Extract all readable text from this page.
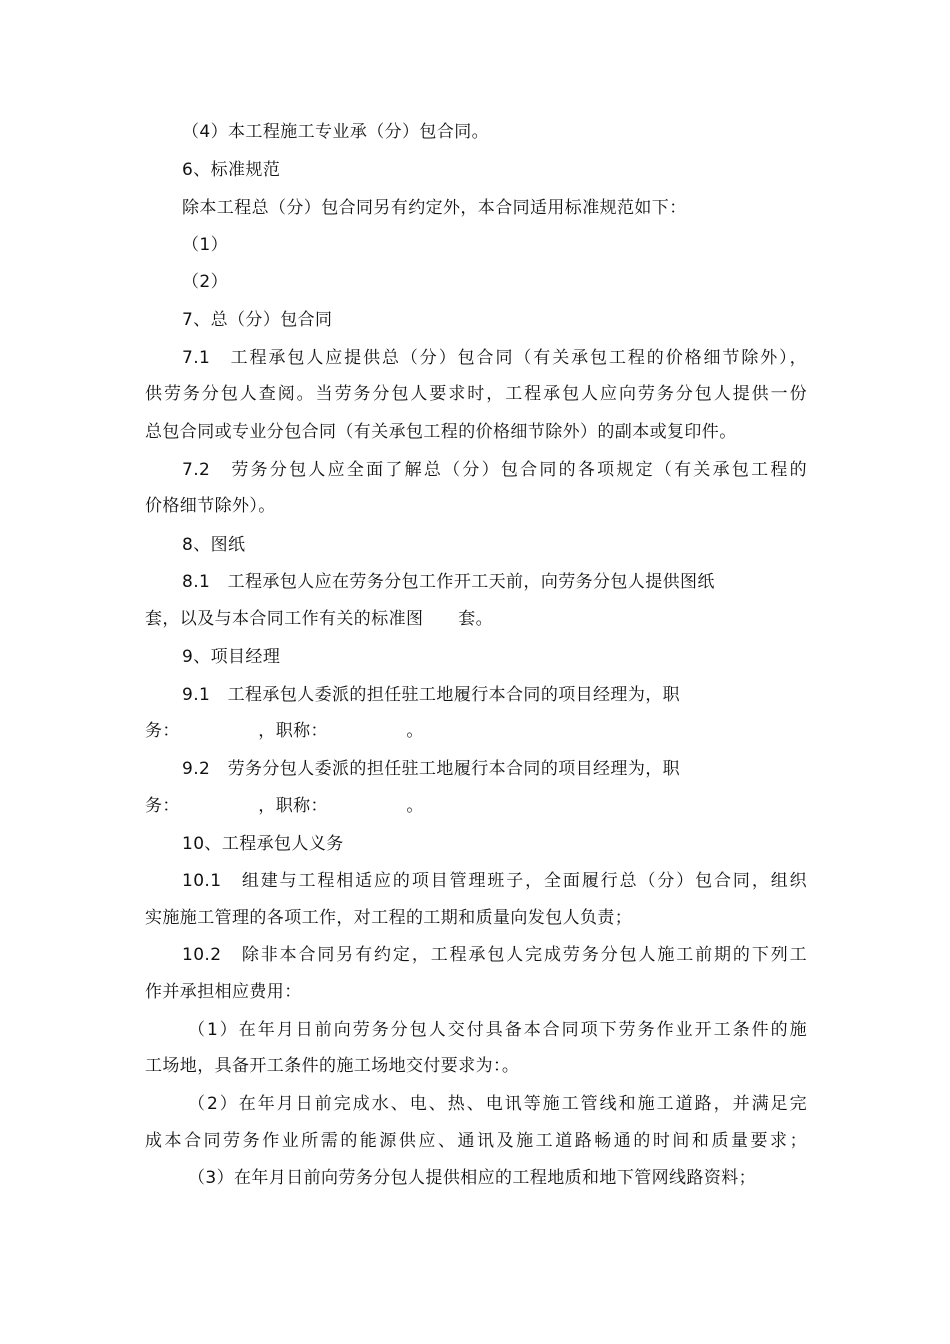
（4）本工程施工专业承（分）包合同。

6、标准规范

除本工程总（分）包合同另有约定外，本合同适用标准规范如下：

（1）

（2）

7、总（分）包合同

7.1　工程承包人应提供总（分）包合同（有关承包工程的价格细节除外），

供劳务分包人查阅。当劳务分包人要求时，工程承包人应向劳务分包人提供一份

总包合同或专业分包合同（有关承包工程的价格细节除外）的副本或复印件。

7.2　劳务分包人应全面了解总（分）包合同的各项规定（有关承包工程的

价格细节除外）。

8、图纸

8.1　工程承包人应在劳务分包工作开工天前，向劳务分包人提供图纸

套，以及与本合同工作有关的标准图　　套。

9、项目经理

9.1　工程承包人委派的担任驻工地履行本合同的项目经理为，职

务：　　　　　，职称：　　　　　。

9.2　劳务分包人委派的担任驻工地履行本合同的项目经理为，职

务：　　　　　，职称：　　　　　。

10、工程承包人义务

10.1　组建与工程相适应的项目管理班子，全面履行总（分）包合同，组织

实施施工管理的各项工作，对工程的工期和质量向发包人负责；

10.2　除非本合同另有约定，工程承包人完成劳务分包人施工前期的下列工

作并承担相应费用：

（1）在年月日前向劳务分包人交付具备本合同项下劳务作业开工条件的施

工场地，具备开工条件的施工场地交付要求为：。

（2）在年月日前完成水、电、热、电讯等施工管线和施工道路，并满足完

成本合同劳务作业所需的能源供应、通讯及施工道路畅通的时间和质量要求；

（3）在年月日前向劳务分包人提供相应的工程地质和地下管网线路资料；
